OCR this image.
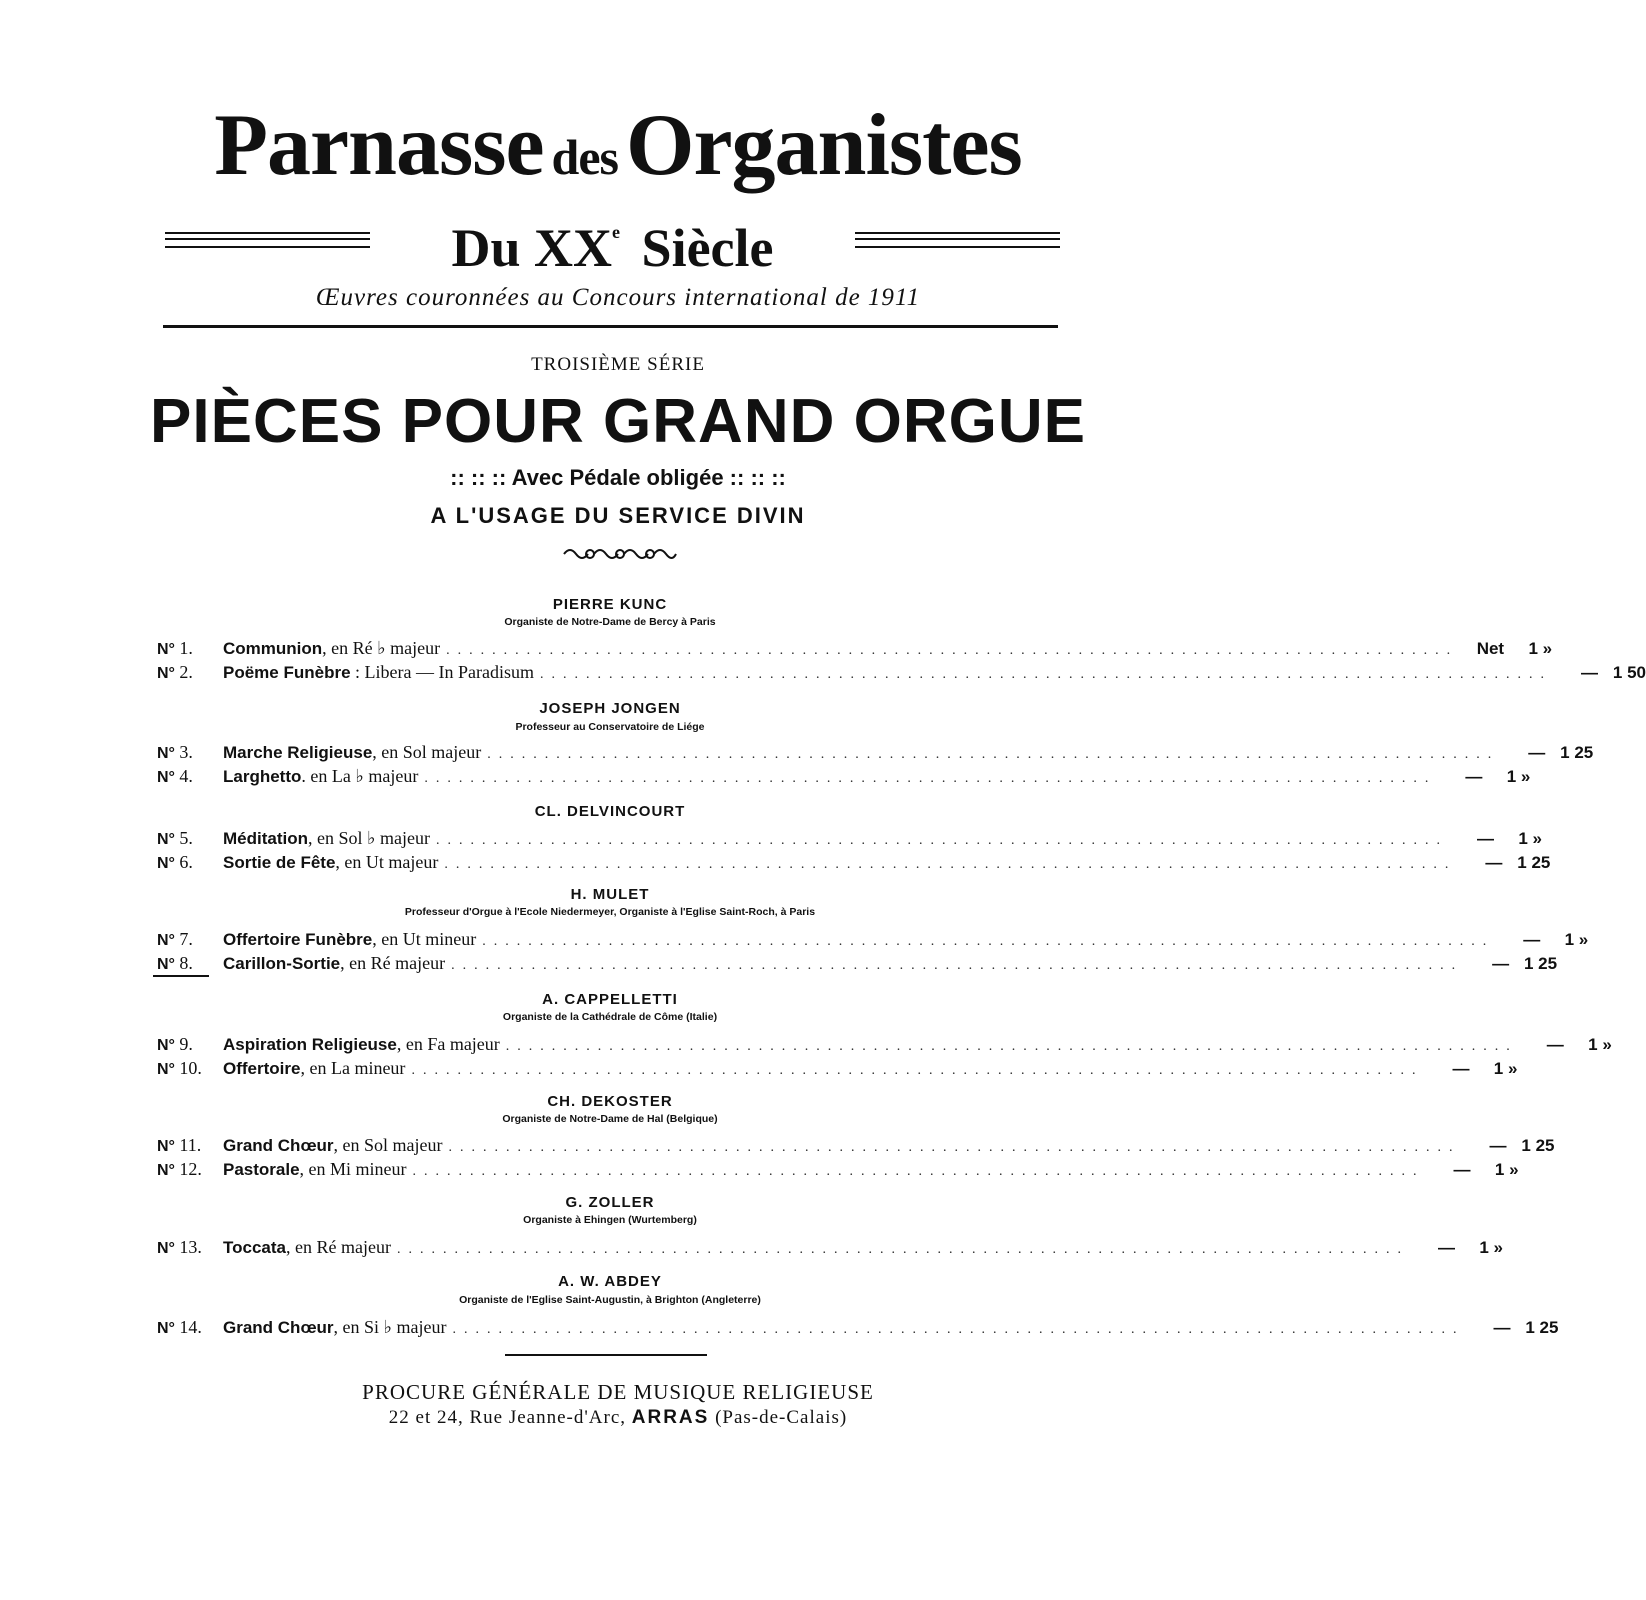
Parnasse desOrganistes
Du XXe Siècle
Œuvres couronnées au Concours international de 1911
TROISIÈME SÉRIE
PIÈCES POUR GRAND ORGUE
:: :: :: Avec Pédale obligée :: :: ::
A L'USAGE DU SERVICE DIVIN
PIERRE KUNC
Organiste de Notre-Dame de Bercy à Paris
N° 1.	Communion, en Ré ♭ majeur ........................................................................................	Net	1 »
N° 2.	Poëme Funèbre : Libera — In Paradisum ........................................................................................	— 1 50
JOSEPH JONGEN
Professeur au Conservatoire de Liége
N° 3.	Marche Religieuse, en Sol majeur ........................................................................................	— 1 25
N° 4.	Larghetto. en La ♭ majeur ........................................................................................	—	1 »
CL. DELVINCOURT
N° 5.	Méditation, en Sol ♭ majeur ........................................................................................	—	1 »
N° 6.	Sortie de Fête, en Ut majeur ........................................................................................	— 1 25
H. MULET
Professeur d'Orgue à l'Ecole Niedermeyer, Organiste à l'Eglise Saint-Roch, à Paris
N° 7.	Offertoire Funèbre, en Ut mineur ........................................................................................	—	1 »
N° 8.	Carillon-Sortie, en Ré majeur ........................................................................................	— 1 25
A. CAPPELLETTI
Organiste de la Cathédrale de Côme (Italie)
N° 9.	Aspiration Religieuse, en Fa majeur ........................................................................................	—	1 »
N° 10.	Offertoire, en La mineur ........................................................................................	—	1 »
CH. DEKOSTER
Organiste de Notre-Dame de Hal (Belgique)
N° 11.	Grand Chœur, en Sol majeur ........................................................................................	— 1 25
N° 12.	Pastorale, en Mi mineur ........................................................................................	—	1 »
G. ZOLLER
Organiste à Ehingen (Wurtemberg)
N° 13.	Toccata, en Ré majeur ........................................................................................	—	1 »
A. W. ABDEY
Organiste de l'Eglise Saint-Augustin, à Brighton (Angleterre)
N° 14.	Grand Chœur, en Si ♭ majeur ........................................................................................	— 1 25
PROCURE GÉNÉRALE DE MUSIQUE RELIGIEUSE
22 et 24, Rue Jeanne-d'Arc, ARRAS (Pas-de-Calais)
